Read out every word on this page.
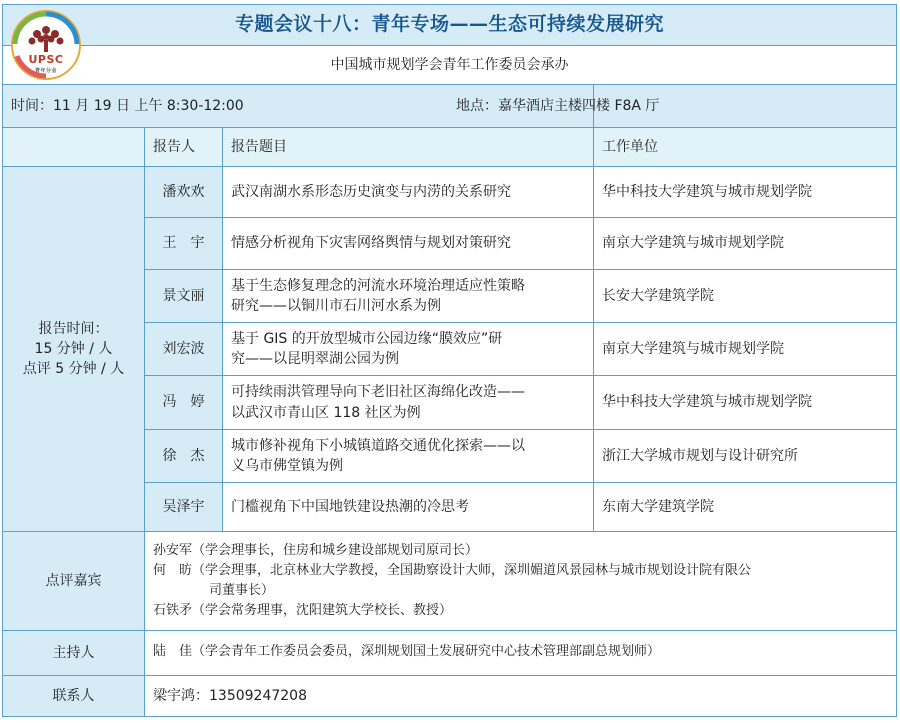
UPSC
青年分会
专题会议十八：青年专场——生态可持续发展研究			
中国城市规划学会青年工作委员会承办			
时间：11 月 19 日 上午 8:30-12:00			地点：嘉华酒店主楼四楼 F8A 厅
	报告人	报告题目	工作单位

报告时间：
15 分钟 / 人
点评 5 分钟 / 人	潘欢欢	武汉南湖水系形态历史演变与内涝的关系研究	华中科技大学建筑与城市规划学院
	王　宇	情感分析视角下灾害网络舆情与规划对策研究	南京大学建筑与城市规划学院
	景文丽	基于生态修复理念的河流水环境治理适应性策略
研究——以铜川市石川河水系为例	长安大学建筑学院
	刘宏波	基于 GIS 的开放型城市公园边缘“膜效应”研
究——以昆明翠湖公园为例	南京大学建筑与城市规划学院
	冯　婷	可持续雨洪管理导向下老旧社区海绵化改造——
以武汉市青山区 118 社区为例	华中科技大学建筑与城市规划学院
	徐　杰	城市修补视角下小城镇道路交通优化探索——以
义乌市佛堂镇为例	浙江大学城市规划与设计研究所
	吴泽宇	门槛视角下中国地铁建设热潮的冷思考	东南大学建筑学院
点评嘉宾	孙安军（学会理事长，住房和城乡建设部规划司原司长）
何　昉（学会理事，北京林业大学教授，全国勘察设计大师，深圳媚道风景园林与城市规划设计院有限公
司董事长）
石铁矛（学会常务理事，沈阳建筑大学校长、教授）		

主持人	陆　佳（学会青年工作委员会委员，深圳规划国土发展研究中心技术管理部副总规划师）		
联系人	梁宇鸿：13509247208		
